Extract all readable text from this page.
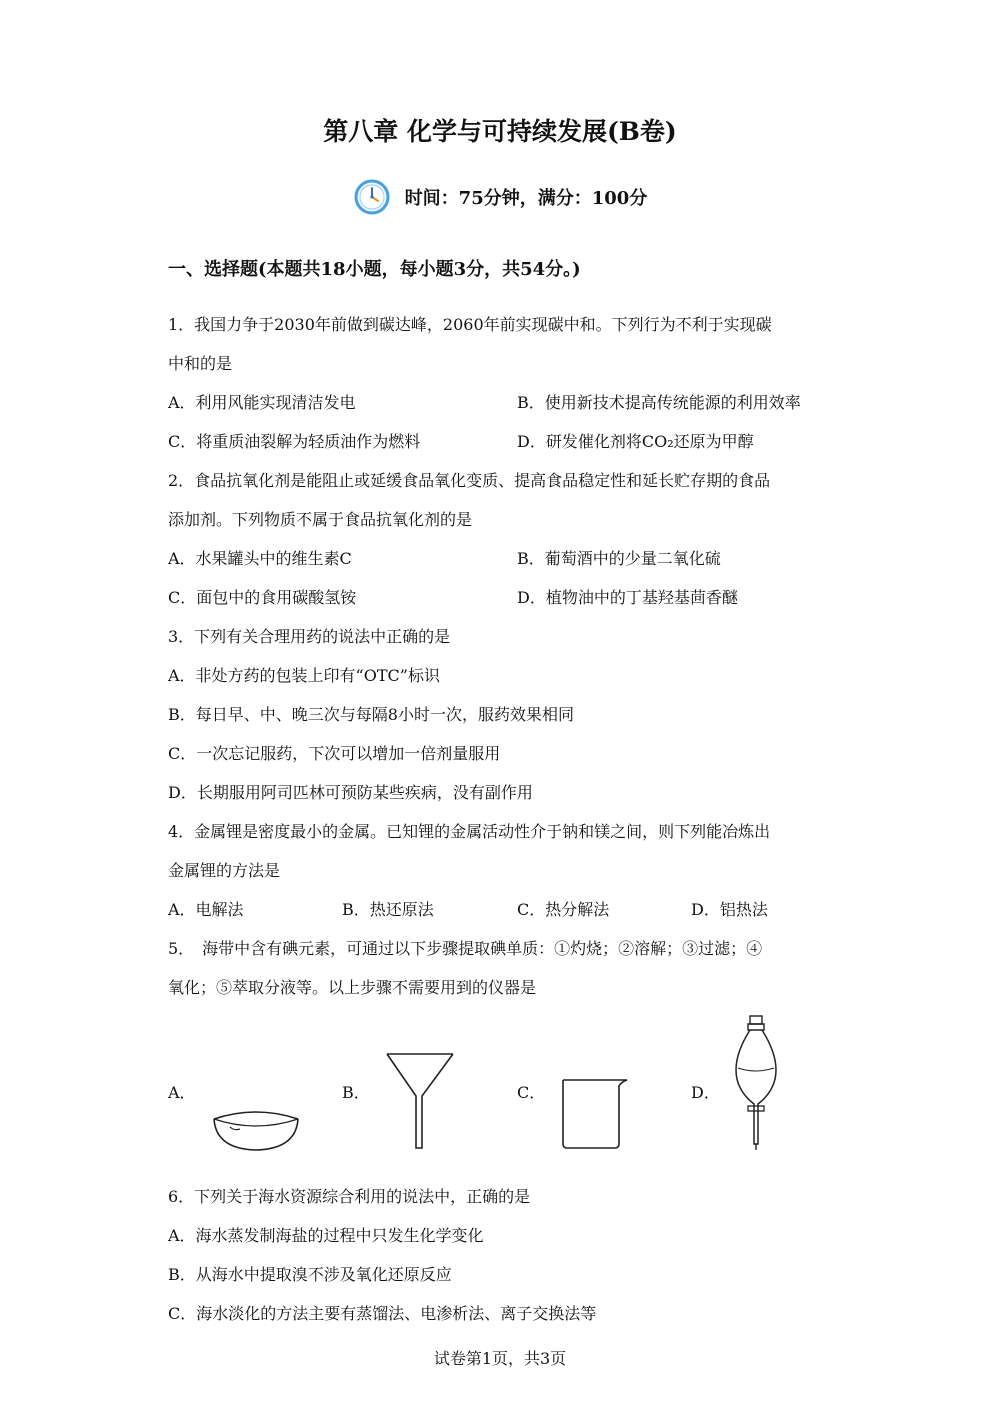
第八章 化学与可持续发展(B卷)
时间：75分钟，满分：100分
一、选择题(本题共18小题，每小题3分，共54分。)
1．我国力争于2030年前做到碳达峰，2060年前实现碳中和。下列行为不利于实现碳
中和的是
A．利用风能实现清洁发电	B．使用新技术提高传统能源的利用效率
C．将重质油裂解为轻质油作为燃料	D．研发催化剂将CO₂还原为甲醇
2．食品抗氧化剂是能阻止或延缓食品氧化变质、提高食品稳定性和延长贮存期的食品
添加剂。下列物质不属于食品抗氧化剂的是
A．水果罐头中的维生素C	B．葡萄酒中的少量二氧化硫
C．面包中的食用碳酸氢铵	D．植物油中的丁基羟基茴香醚
3．下列有关合理用药的说法中正确的是
A．非处方药的包装上印有“OTC”标识
B．每日早、中、晚三次与每隔8小时一次，服药效果相同
C．一次忘记服药，下次可以增加一倍剂量服用
D．长期服用阿司匹林可预防某些疾病，没有副作用
4．金属锂是密度最小的金属。已知锂的金属活动性介于钠和镁之间，则下列能冶炼出
金属锂的方法是
A．电解法	B．热还原法	C．热分解法	D．铝热法
5．　海带中含有碘元素，可通过以下步骤提取碘单质：①灼烧；②溶解；③过滤；④
氧化；⑤萃取分液等。以上步骤不需要用到的仪器是
A．	B．	C．	D．
6．下列关于海水资源综合利用的说法中，正确的是
A．海水蒸发制海盐的过程中只发生化学变化
B．从海水中提取溴不涉及氧化还原反应
C．海水淡化的方法主要有蒸馏法、电渗析法、离子交换法等
试卷第1页，共3页
